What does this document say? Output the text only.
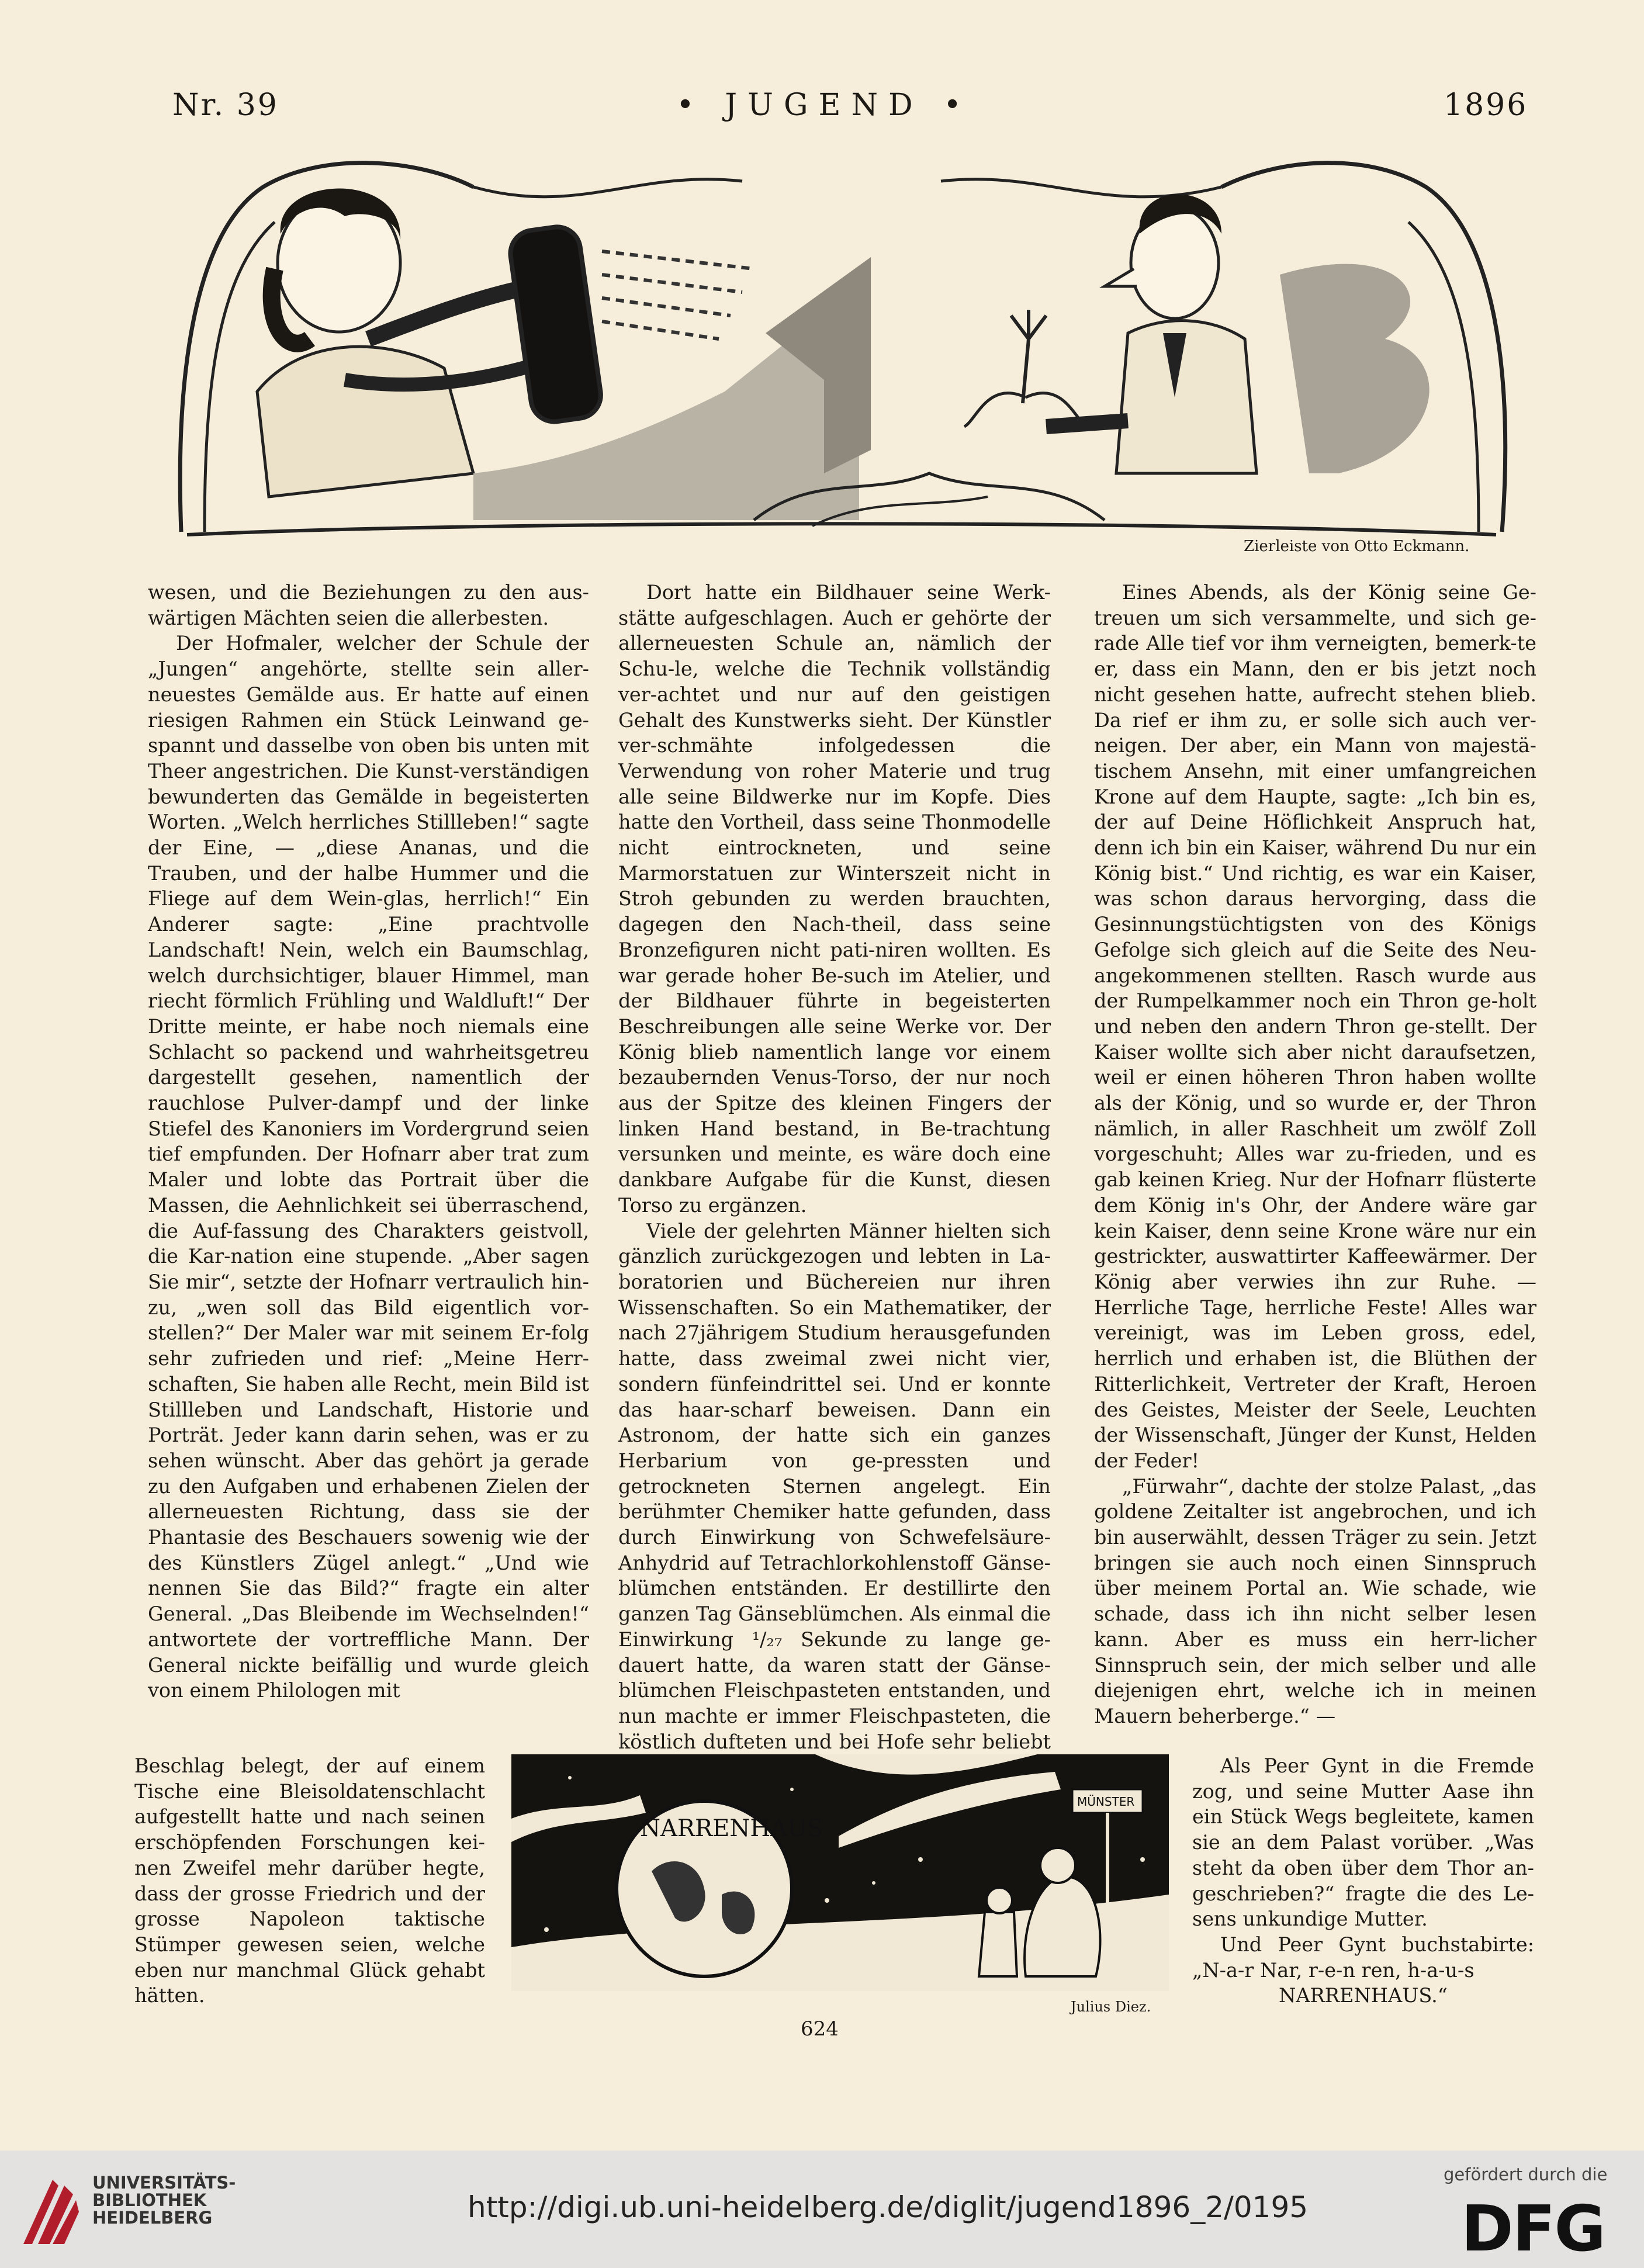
Nr. 39	• JUGEND •	1896
Zierleiste von Otto Eckmann.

wesen, und die Beziehungen zu den aus-wärtigen Mächten seien die allerbesten.

Der Hofmaler, welcher der Schule der „Jungen“ angehörte, stellte sein aller-neuestes Gemälde aus. Er hatte auf einen riesigen Rahmen ein Stück Leinwand ge-spannt und dasselbe von oben bis unten mit Theer angestrichen. Die Kunst-verständigen bewunderten das Gemälde in begeisterten Worten. „Welch herrliches Stillleben!“ sagte der Eine, — „diese Ananas, und die Trauben, und der halbe Hummer und die Fliege auf dem Wein-glas, herrlich!“ Ein Anderer sagte: „Eine prachtvolle Landschaft! Nein, welch ein Baumschlag, welch durchsichtiger, blauer Himmel, man riecht förmlich Frühling und Waldluft!“ Der Dritte meinte, er habe noch niemals eine Schlacht so packend und wahrheitsgetreu dargestellt gesehen, namentlich der rauchlose Pulver-dampf und der linke Stiefel des Kanoniers im Vordergrund seien tief empfunden. Der Hofnarr aber trat zum Maler und lobte das Portrait über die Massen, die Aehnlichkeit sei überraschend, die Auf-fassung des Charakters geistvoll, die Kar-nation eine stupende. „Aber sagen Sie mir“, setzte der Hofnarr vertraulich hin-zu, „wen soll das Bild eigentlich vor-stellen?“ Der Maler war mit seinem Er-folg sehr zufrieden und rief: „Meine Herr-schaften, Sie haben alle Recht, mein Bild ist Stillleben und Landschaft, Historie und Porträt. Jeder kann darin sehen, was er zu sehen wünscht. Aber das gehört ja gerade zu den Aufgaben und erhabenen Zielen der allerneuesten Richtung, dass sie der Phantasie des Beschauers sowenig wie der des Künstlers Zügel anlegt.“ „Und wie nennen Sie das Bild?“ fragte ein alter General. „Das Bleibende im Wechselnden!“ antwortete der vortreffliche Mann. Der General nickte beifällig und wurde gleich von einem Philologen mit

Beschlag belegt, der auf einem Tische eine Bleisoldatenschlacht aufgestellt hatte und nach seinen erschöpfenden Forschungen kei-nen Zweifel mehr darüber hegte, dass der grosse Friedrich und der grosse Napoleon taktische Stümper gewesen seien, welche eben nur manchmal Glück gehabt hätten.

Dort hatte ein Bildhauer seine Werk-stätte aufgeschlagen. Auch er gehörte der allerneuesten Schule an, nämlich der Schu-le, welche die Technik vollständig ver-achtet und nur auf den geistigen Gehalt des Kunstwerks sieht. Der Künstler ver-schmähte infolgedessen die Verwendung von roher Materie und trug alle seine Bildwerke nur im Kopfe. Dies hatte den Vortheil, dass seine Thonmodelle nicht eintrockneten, und seine Marmorstatuen zur Winterszeit nicht in Stroh gebunden zu werden brauchten, dagegen den Nach-theil, dass seine Bronzefiguren nicht pati-niren wollten. Es war gerade hoher Be-such im Atelier, und der Bildhauer führte in begeisterten Beschreibungen alle seine Werke vor. Der König blieb namentlich lange vor einem bezaubernden Venus-Torso, der nur noch aus der Spitze des kleinen Fingers der linken Hand bestand, in Be-trachtung versunken und meinte, es wäre doch eine dankbare Aufgabe für die Kunst, diesen Torso zu ergänzen.

Viele der gelehrten Männer hielten sich gänzlich zurückgezogen und lebten in La-boratorien und Büchereien nur ihren Wissenschaften. So ein Mathematiker, der nach 27jährigem Studium herausgefunden hatte, dass zweimal zwei nicht vier, sondern fünfeindrittel sei. Und er konnte das haar-scharf beweisen. Dann ein Astronom, der hatte sich ein ganzes Herbarium von ge-pressten und getrockneten Sternen angelegt. Ein berühmter Chemiker hatte gefunden, dass durch Einwirkung von Schwefelsäure-Anhydrid auf Tetrachlorkohlenstoff Gänse-blümchen entständen. Er destillirte den ganzen Tag Gänseblümchen. Als einmal die Einwirkung ¹/₂₇ Sekunde zu lange ge-dauert hatte, da waren statt der Gänse-blümchen Fleischpasteten entstanden, und nun machte er immer Fleischpasteten, die köstlich dufteten und bei Hofe sehr beliebt

Eines Abends, als der König seine Ge-treuen um sich versammelte, und sich ge-rade Alle tief vor ihm verneigten, bemerk-te er, dass ein Mann, den er bis jetzt noch nicht gesehen hatte, aufrecht stehen blieb. Da rief er ihm zu, er solle sich auch ver-neigen. Der aber, ein Mann von majestä-tischem Ansehn, mit einer umfangreichen Krone auf dem Haupte, sagte: „Ich bin es, der auf Deine Höflichkeit Anspruch hat, denn ich bin ein Kaiser, während Du nur ein König bist.“ Und richtig, es war ein Kaiser, was schon daraus hervorging, dass die Gesinnungstüchtigsten von des Königs Gefolge sich gleich auf die Seite des Neu-angekommenen stellten. Rasch wurde aus der Rumpelkammer noch ein Thron ge-holt und neben den andern Thron ge-stellt. Der Kaiser wollte sich aber nicht daraufsetzen, weil er einen höheren Thron haben wollte als der König, und so wurde er, der Thron nämlich, in aller Raschheit um zwölf Zoll vorgeschuht; Alles war zu-frieden, und es gab keinen Krieg. Nur der Hofnarr flüsterte dem König in's Ohr, der Andere wäre gar kein Kaiser, denn seine Krone wäre nur ein gestrickter, auswattirter Kaffeewärmer. Der König aber verwies ihn zur Ruhe. — Herrliche Tage, herrliche Feste! Alles war vereinigt, was im Leben gross, edel, herrlich und erhaben ist, die Blüthen der Ritterlichkeit, Vertreter der Kraft, Heroen des Geistes, Meister der Seele, Leuchten der Wissenschaft, Jünger der Kunst, Helden der Feder!

„Fürwahr“, dachte der stolze Palast, „das goldene Zeitalter ist angebrochen, und ich bin auserwählt, dessen Träger zu sein. Jetzt bringen sie auch noch einen Sinnspruch über meinem Portal an. Wie schade, wie schade, dass ich ihn nicht selber lesen kann. Aber es muss ein herr-licher Sinnspruch sein, der mich selber und alle diejenigen ehrt, welche ich in meinen Mauern beherberge.“ —

Als Peer Gynt in die Fremde zog, und seine Mutter Aase ihn ein Stück Wegs begleitete, kamen sie an dem Palast vorüber. „Was steht da oben über dem Thor an-geschrieben?“ fragte die des Le-sens unkundige Mutter.

Und Peer Gynt buchstabirte: „N-a-r Nar, r-e-n ren, h-a-u-s

NARRENHAUS.“

NARRENHAUS
MÜNSTER
Julius Diez.
624
UNIVERSITÄTS-
BIBLIOTHEK
HEIDELBERG	http://digi.ub.uni-heidelberg.de/diglit/jugend1896_2/0195
gefördert durch die
DFG
